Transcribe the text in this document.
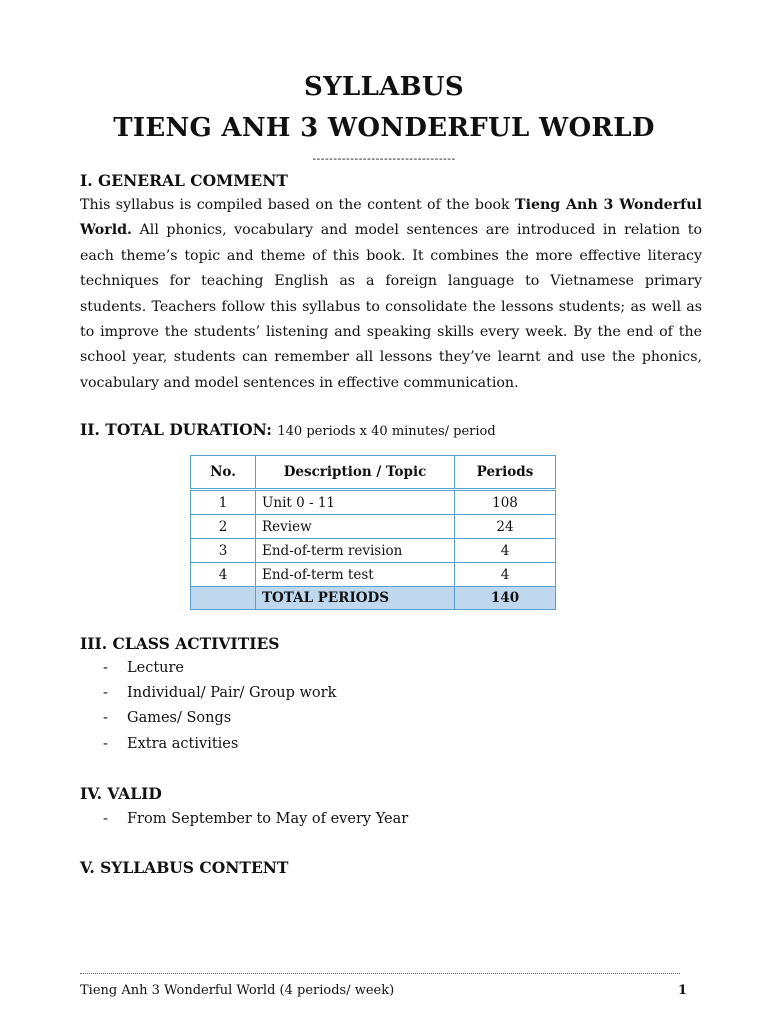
SYLLABUS
TIENG ANH 3 WONDERFUL WORLD
----------------------------------
I. GENERAL COMMENT

This syllabus is compiled based on the content of the book Tieng Anh 3 Wonderful World. All phonics, vocabulary and model sentences are introduced in relation to each theme’s topic and theme of this book. It combines the more effective literacy techniques for teaching English as a foreign language to Vietnamese primary students. Teachers follow this syllabus to consolidate the lessons students; as well as to improve the students’ listening and speaking skills every week. By the end of the school year, students can remember all lessons they’ve learnt and use the phonics, vocabulary and model sentences in effective communication.

II. TOTAL DURATION: 140 periods x 40 minutes/ period
No.	Description / Topic	Periods
1	Unit 0 - 11	108
2	Review	24
3	End-of-term revision	4
4	End-of-term test	4
	TOTAL PERIODS	140
III. CLASS ACTIVITIES
- Lecture
- Individual/ Pair/ Group work
- Games/ Songs
- Extra activities
IV. VALID
- From September to May of every Year
V. SYLLABUS CONTENT
Tieng Anh 3 Wonderful World (4 periods/ week)	1
